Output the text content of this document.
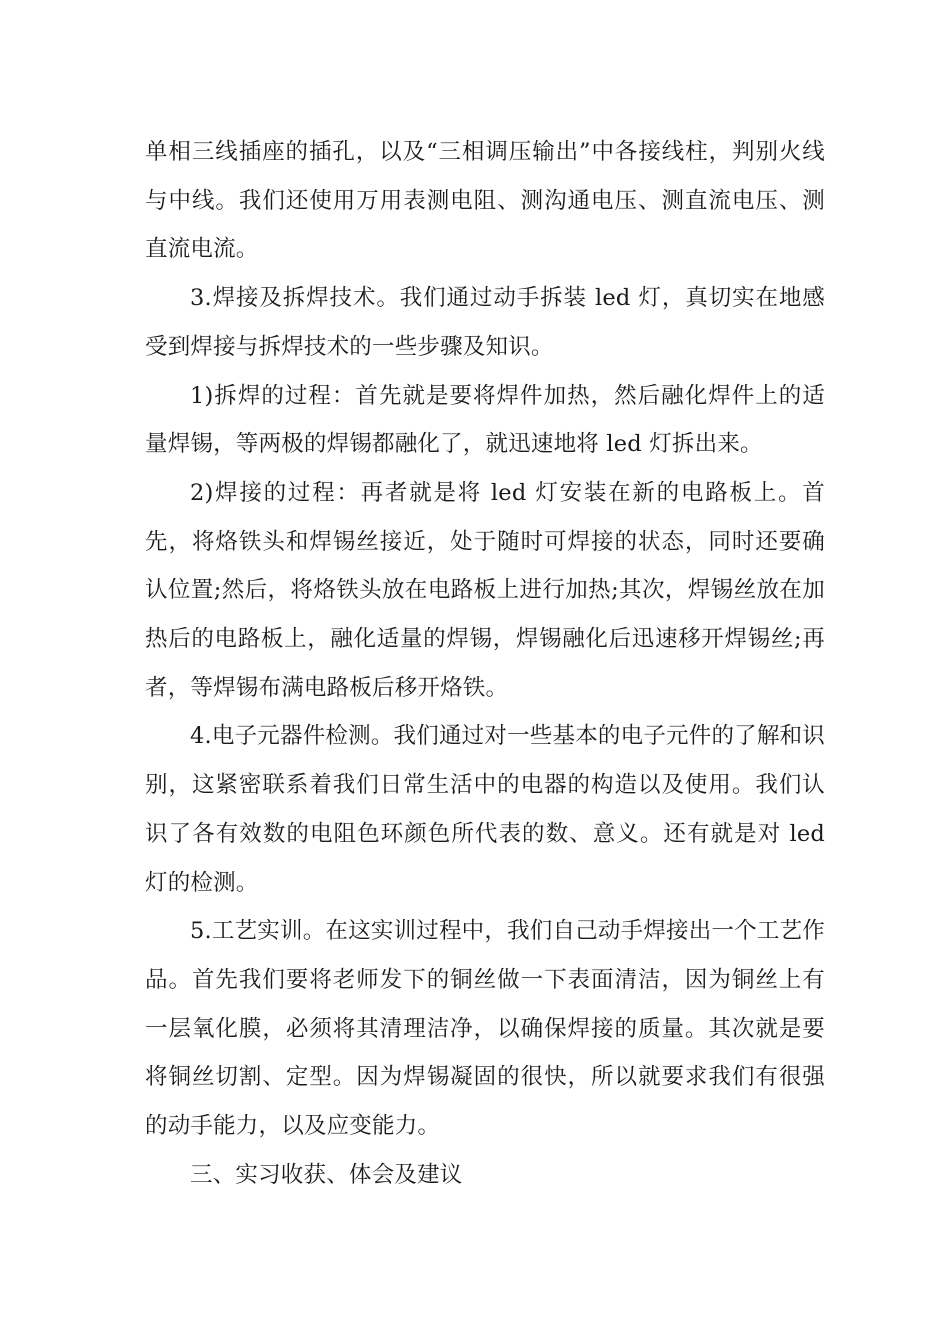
单相三线插座的插孔，以及“三相调压输出”中各接线柱，判别火线与中线。我们还使用万用表测电阻、测沟通电压、测直流电压、测直流电流。

3.焊接及拆焊技术。我们通过动手拆装 led 灯，真切实在地感受到焊接与拆焊技术的一些步骤及知识。

1)拆焊的过程：首先就是要将焊件加热，然后融化焊件上的适量焊锡，等两极的焊锡都融化了，就迅速地将 led 灯拆出来。

2)焊接的过程：再者就是将 led 灯安装在新的电路板上。首先，将烙铁头和焊锡丝接近，处于随时可焊接的状态，同时还要确认位置;然后，将烙铁头放在电路板上进行加热;其次，焊锡丝放在加热后的电路板上，融化适量的焊锡，焊锡融化后迅速移开焊锡丝;再者，等焊锡布满电路板后移开烙铁。

4.电子元器件检测。我们通过对一些基本的电子元件的了解和识别，这紧密联系着我们日常生活中的电器的构造以及使用。我们认识了各有效数的电阻色环颜色所代表的数、意义。还有就是对 led 灯的检测。

5.工艺实训。在这实训过程中，我们自己动手焊接出一个工艺作品。首先我们要将老师发下的铜丝做一下表面清洁，因为铜丝上有一层氧化膜，必须将其清理洁净，以确保焊接的质量。其次就是要将铜丝切割、定型。因为焊锡凝固的很快，所以就要求我们有很强的动手能力，以及应变能力。

三、实习收获、体会及建议
